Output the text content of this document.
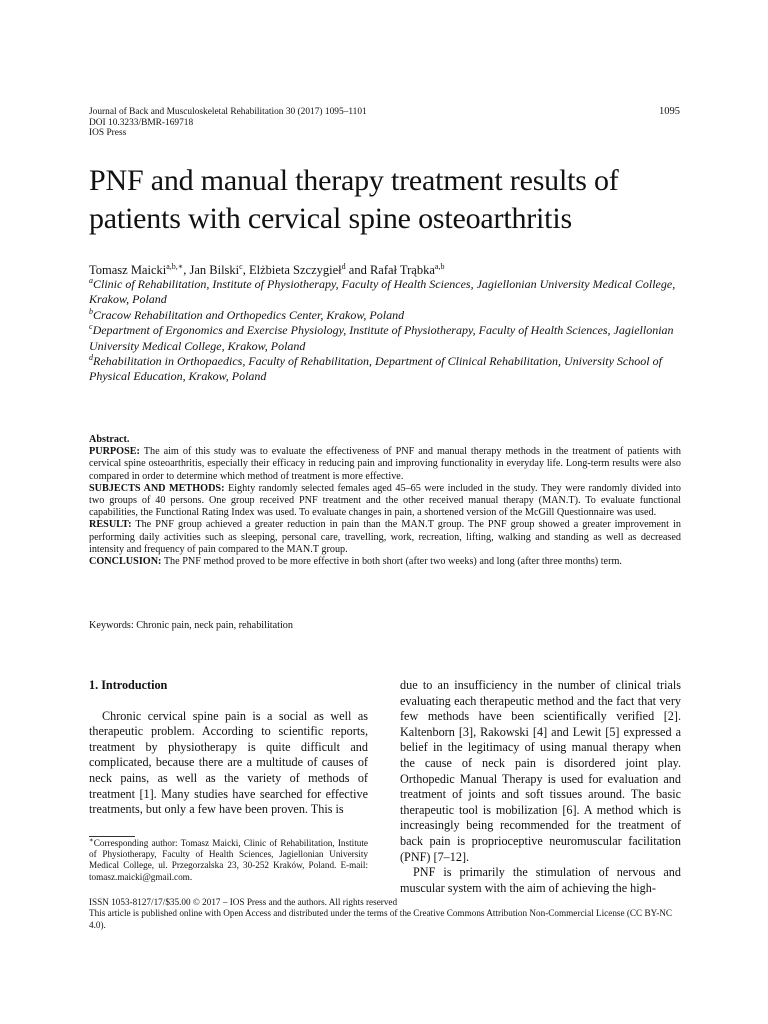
Journal of Back and Musculoskeletal Rehabilitation 30 (2017) 1095–1101
DOI 10.3233/BMR-169718
IOS Press
1095
PNF and manual therapy treatment results of patients with cervical spine osteoarthritis
Tomasz Maicki$^{a,b,∗}$, Jan Bilski$^c$, Elżbieta Szczygieł$^d$ and Rafał Trąbka$^{a,b}$

$^a$Clinic of Rehabilitation, Institute of Physiotherapy, Faculty of Health Sciences, Jagiellonian University Medical College, Krakow, Poland

$^b$Cracow Rehabilitation and Orthopedics Center, Krakow, Poland

$^c$Department of Ergonomics and Exercise Physiology, Institute of Physiotherapy, Faculty of Health Sciences, Jagiellonian University Medical College, Krakow, Poland

$^d$Rehabilitation in Orthopaedics, Faculty of Rehabilitation, Department of Clinical Rehabilitation, University School of Physical Education, Krakow, Poland

Abstract.

PURPOSE: The aim of this study was to evaluate the effectiveness of PNF and manual therapy methods in the treatment of patients with cervical spine osteoarthritis, especially their efficacy in reducing pain and improving functionality in everyday life. Long-term results were also compared in order to determine which method of treatment is more effective.

SUBJECTS AND METHODS: Eighty randomly selected females aged 45–65 were included in the study. They were randomly divided into two groups of 40 persons. One group received PNF treatment and the other received manual therapy (MAN.T). To evaluate functional capabilities, the Functional Rating Index was used. To evaluate changes in pain, a shortened version of the McGill Questionnaire was used.

RESULT: The PNF group achieved a greater reduction in pain than the MAN.T group. The PNF group showed a greater improvement in performing daily activities such as sleeping, personal care, travelling, work, recreation, lifting, walking and standing as well as decreased intensity and frequency of pain compared to the MAN.T group.

CONCLUSION: The PNF method proved to be more effective in both short (after two weeks) and long (after three months) term.

Keywords: Chronic pain, neck pain, rehabilitation

1. Introduction

Chronic cervical spine pain is a social as well as therapeutic problem. According to scientific reports, treatment by physiotherapy is quite difficult and complicated, because there are a multitude of causes of neck pains, as well as the variety of methods of treatment [1]. Many studies have searched for effective treatments, but only a few have been proven. This is

∗Corresponding author: Tomasz Maicki, Clinic of Rehabilitation, Institute of Physiotherapy, Faculty of Health Sciences, Jagiellonian University Medical College, ul. Przegorzalska 23, 30-252 Kraków, Poland. E-mail: tomasz.maicki@gmail.com.

due to an insufficiency in the number of clinical trials evaluating each therapeutic method and the fact that very few methods have been scientifically verified [2]. Kaltenborn [3], Rakowski [4] and Lewit [5] expressed a belief in the legitimacy of using manual therapy when the cause of neck pain is disordered joint play. Orthopedic Manual Therapy is used for evaluation and treatment of joints and soft tissues around. The basic therapeutic tool is mobilization [6]. A method which is increasingly being recommended for the treatment of back pain is proprioceptive neuromuscular facilitation (PNF) [7–12].

PNF is primarily the stimulation of nervous and muscular system with the aim of achieving the high-

ISSN 1053-8127/17/$35.00 © 2017 – IOS Press and the authors. All rights reserved

This article is published online with Open Access and distributed under the terms of the Creative Commons Attribution Non-Commercial License (CC BY-NC 4.0).
